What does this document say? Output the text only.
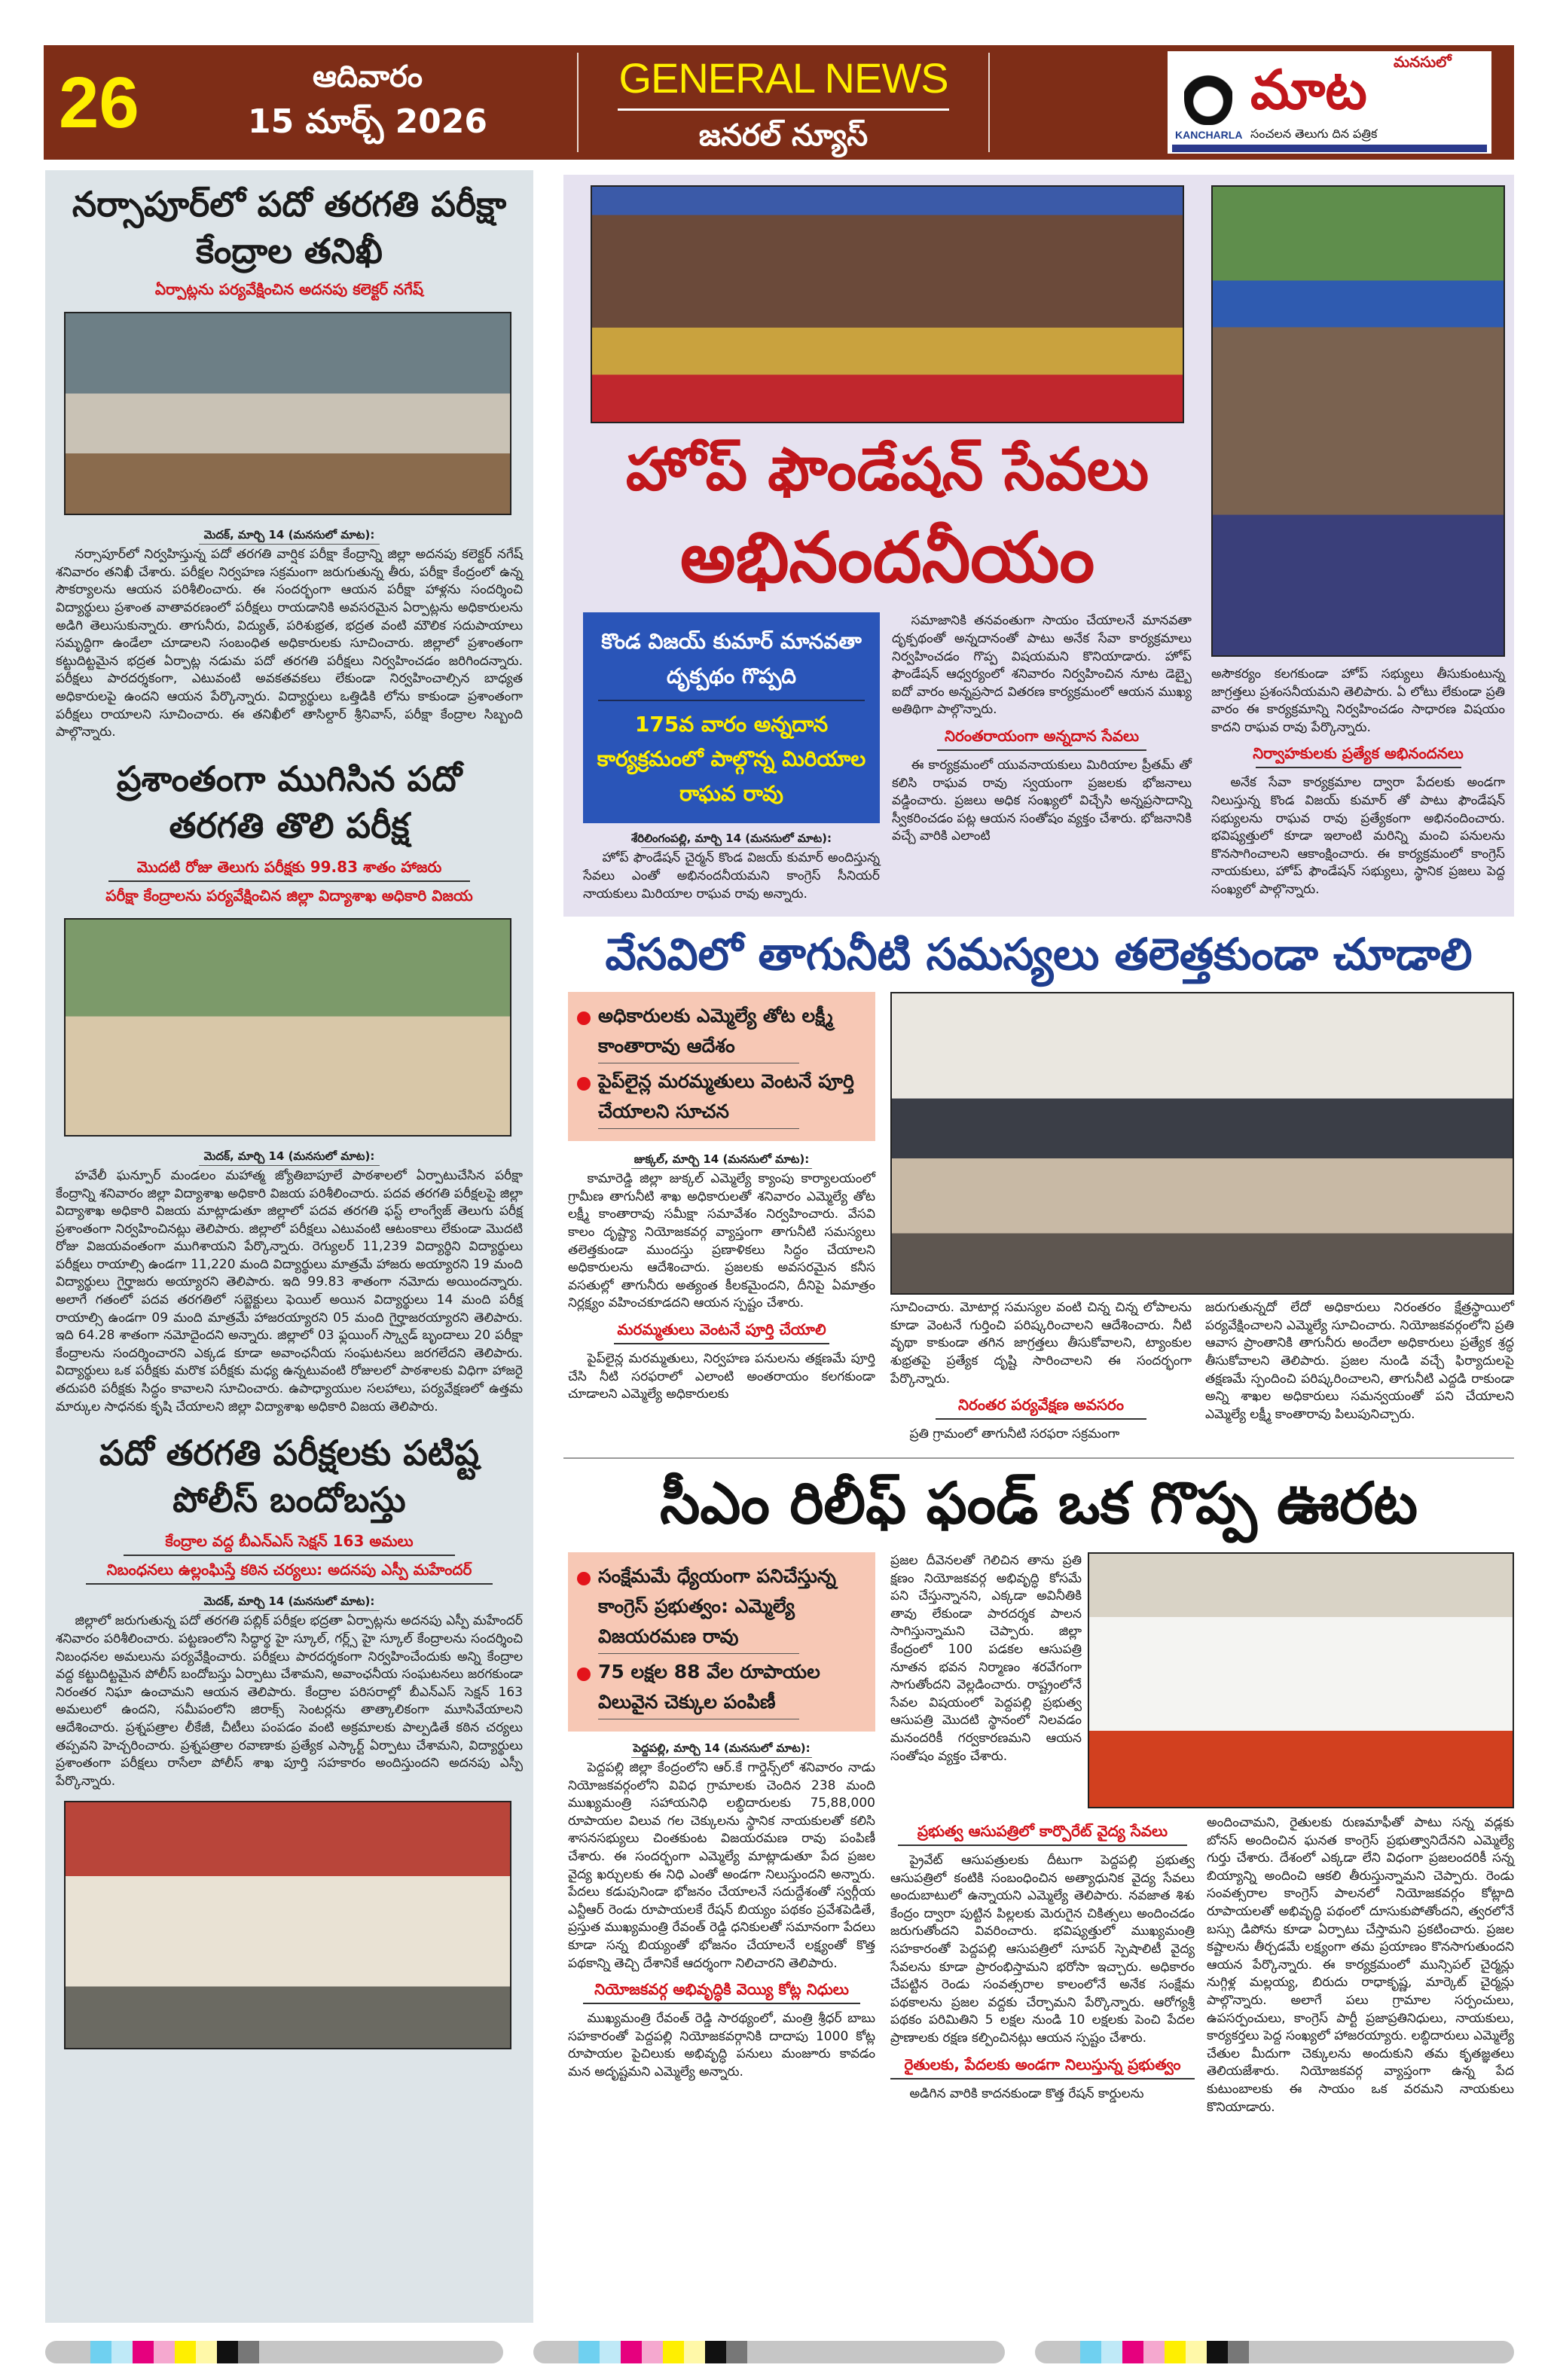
26	ఆదివారం
15 మార్చ్ 2026
GENERAL NEWS
జనరల్ న్యూస్
మనసులో
మాట
KANCHARLA సంచలన తెలుగు దిన పత్రిక
నర్సాపూర్‌లో పదో తరగతి పరీక్షా కేంద్రాల తనిఖీ
ఏర్పాట్లను పర్యవేక్షించిన అదనపు కలెక్టర్ నగేష్
మెదక్, మార్చి 14 (మనసులో మాట):
నర్సాపూర్‌లో నిర్వహిస్తున్న పదో తరగతి వార్షిక పరీక్షా కేంద్రాన్ని జిల్లా అదనపు కలెక్టర్ నగేష్ శనివారం తనిఖీ చేశారు. పరీక్షల నిర్వహణ సక్రమంగా జరుగుతున్న తీరు, పరీక్షా కేంద్రంలో ఉన్న సౌకర్యాలను ఆయన పరిశీలించారు. ఈ సందర్భంగా ఆయన పరీక్షా హాళ్లను సందర్శించి విద్యార్థులు ప్రశాంత వాతావరణంలో పరీక్షలు రాయడానికి అవసరమైన ఏర్పాట్లను అధికారులను అడిగి తెలుసుకున్నారు. తాగునీరు, విద్యుత్, పరిశుభ్రత, భద్రత వంటి మౌలిక సదుపాయాలు సమృద్ధిగా ఉండేలా చూడాలని సంబంధిత అధికారులకు సూచించారు. జిల్లాలో ప్రశాంతంగా కట్టుదిట్టమైన భద్రత ఏర్పాట్ల నడుమ పదో తరగతి పరీక్షలు నిర్వహించడం జరిగిందన్నారు. పరీక్షలు పారదర్శకంగా, ఎటువంటి అవకతవకలు లేకుండా నిర్వహించాల్సిన బాధ్యత అధికారులపై ఉందని ఆయన పేర్కొన్నారు. విద్యార్థులు ఒత్తిడికి లోను కాకుండా ప్రశాంతంగా పరీక్షలు రాయాలని సూచించారు. ఈ తనిఖీలో తాసిల్దార్ శ్రీనివాస్, పరీక్షా కేంద్రాల సిబ్బంది పాల్గొన్నారు.
ప్రశాంతంగా ముగిసిన పదో తరగతి తొలి పరీక్ష
మొదటి రోజు తెలుగు పరీక్షకు 99.83 శాతం హాజరు
పరీక్షా కేంద్రాలను పర్యవేక్షించిన జిల్లా విద్యాశాఖ అధికారి విజయ
మెదక్, మార్చి 14 (మనసులో మాట):
హవేలీ ఘన్పూర్ మండలం మహాత్మ జ్యోతిబాపూలే పాఠశాలలో ఏర్పాటుచేసిన పరీక్షా కేంద్రాన్ని శనివారం జిల్లా విద్యాశాఖ అధికారి విజయ పరిశీలించారు. పదవ తరగతి పరీక్షలపై జిల్లా విద్యాశాఖ అధికారి విజయ మాట్లాడుతూ జిల్లాలో పదవ తరగతి ఫస్ట్ లాంగ్వేజ్ తెలుగు పరీక్ష ప్రశాంతంగా నిర్వహించినట్లు తెలిపారు. జిల్లాలో పరీక్షలు ఎటువంటి ఆటంకాలు లేకుండా మొదటి రోజు విజయవంతంగా ముగిశాయని పేర్కొన్నారు. రెగ్యులర్ 11,239 విద్యార్థిని విద్యార్థులు పరీక్షలు రాయాల్సి ఉండగా 11,220 మంది విద్యార్థులు మాత్రమే హాజరు అయ్యారని 19 మంది విద్యార్థులు గైర్హాజరు అయ్యారని తెలిపారు. ఇది 99.83 శాతంగా నమోదు అయిందన్నారు. అలాగే గతంలో పదవ తరగతిలో సబ్జెక్టులు ఫెయిల్ అయిన విద్యార్థులు 14 మంది పరీక్ష రాయాల్సి ఉండగా 09 మంది మాత్రమే హాజరయ్యారని 05 మంది గైర్హాజరయ్యారని తెలిపారు. ఇది 64.28 శాతంగా నమోదైందని అన్నారు. జిల్లాలో 03 ఫ్లయింగ్ స్క్వాడ్ బృందాలు 20 పరీక్షా కేంద్రాలను సందర్శించారని ఎక్కడ కూడా అవాంఛనీయ సంఘటనలు జరగలేదని తెలిపారు. విద్యార్థులు ఒక పరీక్షకు మరొక పరీక్షకు మధ్య ఉన్నటువంటి రోజులలో పాఠశాలకు విధిగా హాజరై తదుపరి పరీక్షకు సిద్ధం కావాలని సూచించారు. ఉపాధ్యాయుల సలహాలు, పర్యవేక్షణలో ఉత్తమ మార్కుల సాధనకు కృషి చేయాలని జిల్లా విద్యాశాఖ అధికారి విజయ తెలిపారు.
పదో తరగతి పరీక్షలకు పటిష్ట పోలీస్ బందోబస్తు
కేంద్రాల వద్ద బీఎన్‌ఎస్ సెక్షన్ 163 అమలు
నిబంధనలు ఉల్లంఘిస్తే కఠిన చర్యలు: అదనపు ఎస్పీ మహేందర్
మెదక్, మార్చి 14 (మనసులో మాట):
జిల్లాలో జరుగుతున్న పదో తరగతి పబ్లిక్ పరీక్షల భద్రతా ఏర్పాట్లను అదనపు ఎస్పీ మహేందర్ శనివారం పరిశీలించారు. పట్టణంలోని సిద్ధార్థ హై స్కూల్, గర్ల్స్ హై స్కూల్ కేంద్రాలను సందర్శించి నిబంధనల అమలును పర్యవేక్షించారు. పరీక్షలు పారదర్శకంగా నిర్వహించేందుకు అన్ని కేంద్రాల వద్ద కట్టుదిట్టమైన పోలీస్ బందోబస్తు ఏర్పాటు చేశామని, అవాంఛనీయ సంఘటనలు జరగకుండా నిరంతర నిఘా ఉంచామని ఆయన తెలిపారు. కేంద్రాల పరిసరాల్లో బీఎన్‌ఎస్ సెక్షన్ 163 అమలులో ఉందని, సమీపంలోని జిరాక్స్ సెంటర్లను తాత్కాలికంగా మూసివేయాలని ఆదేశించారు. ప్రశ్నపత్రాల లీకేజీ, చీటీలు పంపడం వంటి అక్రమాలకు పాల్పడితే కఠిన చర్యలు తప్పవని హెచ్చరించారు. ప్రశ్నపత్రాల రవాణాకు ప్రత్యేక ఎస్కార్ట్ ఏర్పాటు చేశామని, విద్యార్థులు ప్రశాంతంగా పరీక్షలు రాసేలా పోలీస్ శాఖ పూర్తి సహకారం అందిస్తుందని అదనపు ఎస్పీ పేర్కొన్నారు.
హోప్ ఫౌండేషన్ సేవలు
అభినందనీయం
కొండ విజయ్ కుమార్ మానవతా దృక్పథం గొప్పది
175వ వారం అన్నదాన కార్యక్రమంలో పాల్గొన్న మిరియాల రాఘవ రావు
శేరిలింగంపల్లి, మార్చి 14 (మనసులో మాట):
హోప్ ఫౌండేషన్ చైర్మన్ కొండ విజయ్ కుమార్ అందిస్తున్న సేవలు ఎంతో అభినందనీయమని కాంగ్రెస్ సీనియర్ నాయకులు మిరియాల రాఘవ రావు అన్నారు.
సమాజానికి తనవంతుగా సాయం చేయాలనే మానవతా దృక్పథంతో అన్నదానంతో పాటు అనేక సేవా కార్యక్రమాలు నిర్వహించడం గొప్ప విషయమని కొనియాడారు. హోప్ ఫౌండేషన్ ఆధ్వర్యంలో శనివారం నిర్వహించిన నూట డెబ్బై ఐదో వారం అన్నప్రసాద వితరణ కార్యక్రమంలో ఆయన ముఖ్య అతిథిగా పాల్గొన్నారు.
నిరంతరాయంగా అన్నదాన సేవలు
ఈ కార్యక్రమంలో యువనాయకులు మిరియాల ప్రీతమ్ తో కలిసి రాఘవ రావు స్వయంగా ప్రజలకు భోజనాలు వడ్డించారు. ప్రజలు అధిక సంఖ్యలో విచ్చేసి అన్నప్రసాదాన్ని స్వీకరించడం పట్ల ఆయన సంతోషం వ్యక్తం చేశారు. భోజనానికి వచ్చే వారికి ఎలాంటి
అసౌకర్యం కలగకుండా హోప్ సభ్యులు తీసుకుంటున్న జాగ్రత్తలు ప్రశంసనీయమని తెలిపారు. ఏ లోటు లేకుండా ప్రతి వారం ఈ కార్యక్రమాన్ని నిర్వహించడం సాధారణ విషయం కాదని రాఘవ రావు పేర్కొన్నారు.
నిర్వాహకులకు ప్రత్యేక అభినందనలు
అనేక సేవా కార్యక్రమాల ద్వారా పేదలకు అండగా నిలుస్తున్న కొండ విజయ్ కుమార్ తో పాటు ఫౌండేషన్ సభ్యులను రాఘవ రావు ప్రత్యేకంగా అభినందించారు. భవిష్యత్తులో కూడా ఇలాంటి మరిన్ని మంచి పనులను కొనసాగించాలని ఆకాంక్షించారు. ఈ కార్యక్రమంలో కాంగ్రెస్ నాయకులు, హోప్ ఫౌండేషన్ సభ్యులు, స్థానిక ప్రజలు పెద్ద సంఖ్యలో పాల్గొన్నారు.
వేసవిలో తాగునీటి సమస్యలు తలెత్తకుండా చూడాలి
అధికారులకు ఎమ్మెల్యే తోట లక్ష్మీ కాంతారావు ఆదేశం
పైప్‌లైన్ల మరమ్మతులు వెంటనే పూర్తి చేయాలని సూచన
జుక్కల్, మార్చి 14 (మనసులో మాట):
కామారెడ్డి జిల్లా జుక్కల్ ఎమ్మెల్యే క్యాంపు కార్యాలయంలో గ్రామీణ తాగునీటి శాఖ అధికారులతో శనివారం ఎమ్మెల్యే తోట లక్ష్మీ కాంతారావు సమీక్షా సమావేశం నిర్వహించారు. వేసవి కాలం దృష్ట్యా నియోజకవర్గ వ్యాప్తంగా తాగునీటి సమస్యలు తలెత్తకుండా ముందస్తు ప్రణాళికలు సిద్ధం చేయాలని అధికారులను ఆదేశించారు. ప్రజలకు అవసరమైన కనీస వసతుల్లో తాగునీరు అత్యంత కీలకమైందని, దీనిపై ఏమాత్రం నిర్లక్ష్యం వహించకూడదని ఆయన స్పష్టం చేశారు.
మరమ్మతులు వెంటనే పూర్తి చేయాలి
పైప్‌లైన్ల మరమ్మతులు, నిర్వహణ పనులను తక్షణమే పూర్తి చేసి నీటి సరఫరాలో ఎలాంటి అంతరాయం కలగకుండా చూడాలని ఎమ్మెల్యే అధికారులకు
సూచించారు. మోటార్ల సమస్యల వంటి చిన్న చిన్న లోపాలను కూడా వెంటనే గుర్తించి పరిష్కరించాలని ఆదేశించారు. నీటి వృథా కాకుండా తగిన జాగ్రత్తలు తీసుకోవాలని, ట్యాంకుల శుభ్రతపై ప్రత్యేక దృష్టి సారించాలని ఈ సందర్భంగా పేర్కొన్నారు.
నిరంతర పర్యవేక్షణ అవసరం
ప్రతి గ్రామంలో తాగునీటి సరఫరా సక్రమంగా
జరుగుతున్నదో లేదో అధికారులు నిరంతరం క్షేత్రస్థాయిలో పర్యవేక్షించాలని ఎమ్మెల్యే సూచించారు. నియోజకవర్గంలోని ప్రతి ఆవాస ప్రాంతానికి తాగునీరు అందేలా అధికారులు ప్రత్యేక శ్రద్ధ తీసుకోవాలని తెలిపారు. ప్రజల నుండి వచ్చే ఫిర్యాదులపై తక్షణమే స్పందించి పరిష్కరించాలని, తాగునీటి ఎద్దడి రాకుండా అన్ని శాఖల అధికారులు సమన్వయంతో పని చేయాలని ఎమ్మెల్యే లక్ష్మీ కాంతారావు పిలుపునిచ్చారు.
సీఎం రిలీఫ్ ఫండ్ ఒక గొప్ప ఊరట
సంక్షేమమే ధ్యేయంగా పనిచేస్తున్న కాంగ్రెస్ ప్రభుత్వం: ఎమ్మెల్యే విజయరమణ రావు
75 లక్షల 88 వేల రూపాయల విలువైన చెక్కుల పంపిణీ
పెద్దపల్లి, మార్చి 14 (మనసులో మాట):
పెద్దపల్లి జిల్లా కేంద్రంలోని ఆర్.కే గార్డెన్స్‌లో శనివారం నాడు నియోజకవర్గంలోని వివిధ గ్రామాలకు చెందిన 238 మంది ముఖ్యమంత్రి సహాయనిధి లబ్ధిదారులకు 75,88,000 రూపాయల విలువ గల చెక్కులను స్థానిక నాయకులతో కలిసి శాసనసభ్యులు చింతకుంట విజయరమణ రావు పంపిణీ చేశారు. ఈ సందర్భంగా ఎమ్మెల్యే మాట్లాడుతూ పేద ప్రజల వైద్య ఖర్చులకు ఈ నిధి ఎంతో అండగా నిలుస్తుందని అన్నారు. పేదలు కడుపునిండా భోజనం చేయాలనే సదుద్దేశంతో స్వర్గీయ ఎన్టీఆర్ రెండు రూపాయలకే రేషన్ బియ్యం పథకం ప్రవేశపెడితే, ప్రస్తుత ముఖ్యమంత్రి రేవంత్ రెడ్డి ధనికులతో సమానంగా పేదలు కూడా సన్న బియ్యంతో భోజనం చేయాలనే లక్ష్యంతో కొత్త పథకాన్ని తెచ్చి దేశానికే ఆదర్శంగా నిలిచారని తెలిపారు.
నియోజకవర్గ అభివృద్ధికి వెయ్యి కోట్ల నిధులు
ముఖ్యమంత్రి రేవంత్ రెడ్డి సారథ్యంలో, మంత్రి శ్రీధర్ బాబు సహకారంతో పెద్దపల్లి నియోజకవర్గానికి దాదాపు 1000 కోట్ల రూపాయల పైచిలుకు అభివృద్ధి పనులు మంజూరు కావడం మన అదృష్టమని ఎమ్మెల్యే అన్నారు.
ప్రజల దీవెనలతో గెలిచిన తాను ప్రతి క్షణం నియోజకవర్గ అభివృద్ధి కోసమే పని చేస్తున్నానని, ఎక్కడా అవినీతికి తావు లేకుండా పారదర్శక పాలన సాగిస్తున్నామని చెప్పారు. జిల్లా కేంద్రంలో 100 పడకల ఆసుపత్రి నూతన భవన నిర్మాణం శరవేగంగా సాగుతోందని వెల్లడించారు. రాష్ట్రంలోనే సేవల విషయంలో పెద్దపల్లి ప్రభుత్వ ఆసుపత్రి మొదటి స్థానంలో నిలవడం మనందరికీ గర్వకారణమని ఆయన సంతోషం వ్యక్తం చేశారు.
ప్రభుత్వ ఆసుపత్రిలో కార్పొరేట్ వైద్య సేవలు
ప్రైవేట్ ఆసుపత్రులకు దీటుగా పెద్దపల్లి ప్రభుత్వ ఆసుపత్రిలో కంటికి సంబంధించిన అత్యాధునిక వైద్య సేవలు అందుబాటులో ఉన్నాయని ఎమ్మెల్యే తెలిపారు. నవజాత శిశు కేంద్రం ద్వారా పుట్టిన పిల్లలకు మెరుగైన చికిత్సలు అందించడం జరుగుతోందని వివరించారు. భవిష్యత్తులో ముఖ్యమంత్రి సహకారంతో పెద్దపల్లి ఆసుపత్రిలో సూపర్ స్పెషాలిటీ వైద్య సేవలను కూడా ప్రారంభిస్తామని భరోసా ఇచ్చారు. అధికారం చేపట్టిన రెండు సంవత్సరాల కాలంలోనే అనేక సంక్షేమ పథకాలను ప్రజల వద్దకు చేర్చామని పేర్కొన్నారు. ఆరోగ్యశ్రీ పథకం పరిమితిని 5 లక్షల నుండి 10 లక్షలకు పెంచి పేదల ప్రాణాలకు రక్షణ కల్పించినట్లు ఆయన స్పష్టం చేశారు.
రైతులకు, పేదలకు అండగా నిలుస్తున్న ప్రభుత్వం
అడిగిన వారికి కాదనకుండా కొత్త రేషన్ కార్డులను
అందించామని, రైతులకు రుణమాఫీతో పాటు సన్న వడ్లకు బోనస్ అందించిన ఘనత కాంగ్రెస్ ప్రభుత్వానిదేనని ఎమ్మెల్యే గుర్తు చేశారు. దేశంలో ఎక్కడా లేని విధంగా ప్రజలందరికీ సన్న బియ్యాన్ని అందించి ఆకలి తీరుస్తున్నామని చెప్పారు. రెండు సంవత్సరాల కాంగ్రెస్ పాలనలో నియోజకవర్గం కోట్లాది రూపాయలతో అభివృద్ధి పథంలో దూసుకుపోతోందని, త్వరలోనే బస్సు డిపోను కూడా ఏర్పాటు చేస్తామని ప్రకటించారు. ప్రజల కష్టాలను తీర్చడమే లక్ష్యంగా తమ ప్రయాణం కొనసాగుతుందని ఆయన పేర్కొన్నారు. ఈ కార్యక్రమంలో మున్సిపల్ చైర్మన్లు నుగ్గిళ్ల మల్లయ్య, బిరుదు రాధాకృష్ణ, మార్కెట్ చైర్మన్లు పాల్గొన్నారు. అలాగే పలు గ్రామాల సర్పంచులు, ఉపసర్పంచులు, కాంగ్రెస్ పార్టీ ప్రజాప్రతినిధులు, నాయకులు, కార్యకర్తలు పెద్ద సంఖ్యలో హాజరయ్యారు. లబ్ధిదారులు ఎమ్మెల్యే చేతుల మీదుగా చెక్కులను అందుకుని తమ కృతజ్ఞతలు తెలియజేశారు. నియోజకవర్గ వ్యాప్తంగా ఉన్న పేద కుటుంబాలకు ఈ సాయం ఒక వరమని నాయకులు కొనియాడారు.
